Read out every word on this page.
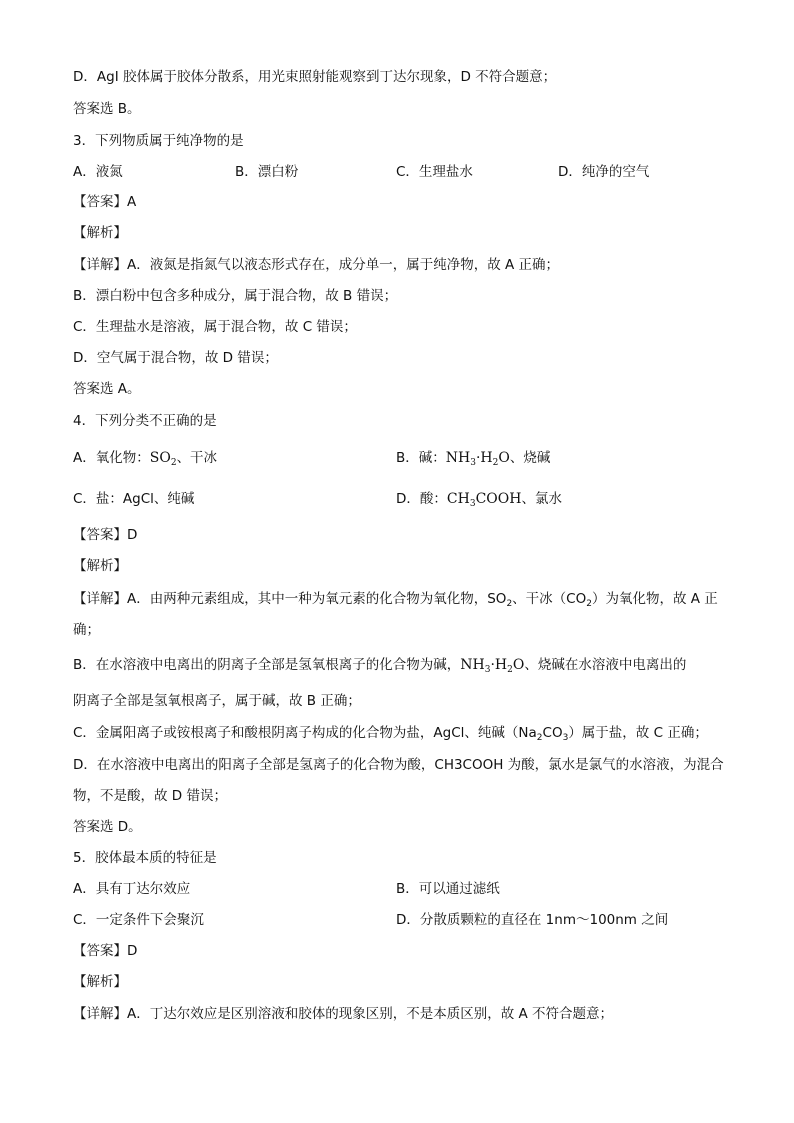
D．AgI 胶体属于胶体分散系，用光束照射能观察到丁达尔现象，D 不符合题意；
答案选 B。
3．下列物质属于纯净物的是
A．液氮	B．漂白粉	C．生理盐水	D．纯净的空气
【答案】A
【解析】
【详解】A．液氮是指氮气以液态形式存在，成分单一，属于纯净物，故 A 正确；
B．漂白粉中包含多种成分，属于混合物，故 B 错误；
C．生理盐水是溶液，属于混合物，故 C 错误；
D．空气属于混合物，故 D 错误；
答案选 A。
4．下列分类不正确的是
A．氧化物：$SO_2$、干冰	B．碱：$NH_3\cdot H_2O$、烧碱
C．盐：AgCl、纯碱	D．酸：$CH_3COOH$、氯水
【答案】D
【解析】
【详解】A．由两种元素组成，其中一种为氧元素的化合物为氧化物，$SO_2$、干冰$(CO_2)$为氧化物，故 A 正
确；
B．在水溶液中电离出的阴离子全部是氢氧根离子的化合物为碱，$NH_3\cdot H_2O$、烧碱在水溶液中电离出的
阴离子全部是氢氧根离子，属于碱，故 B 正确；
C．金属阳离子或铵根离子和酸根阴离子构成的化合物为盐，AgCl、纯碱$(Na_2CO_3)$属于盐，故 C 正确；
D．在水溶液中电离出的阳离子全部是氢离子的化合物为酸，CH3COOH 为酸，氯水是氯气的水溶液，为混合
物，不是酸，故 D 错误；
答案选 D。
5．胶体最本质的特征是
A．具有丁达尔效应	B．可以通过滤纸
C．一定条件下会聚沉	D．分散质颗粒的直径在 1nm～100nm 之间
【答案】D
【解析】
【详解】A．丁达尔效应是区别溶液和胶体的现象区别，不是本质区别，故 A 不符合题意；
